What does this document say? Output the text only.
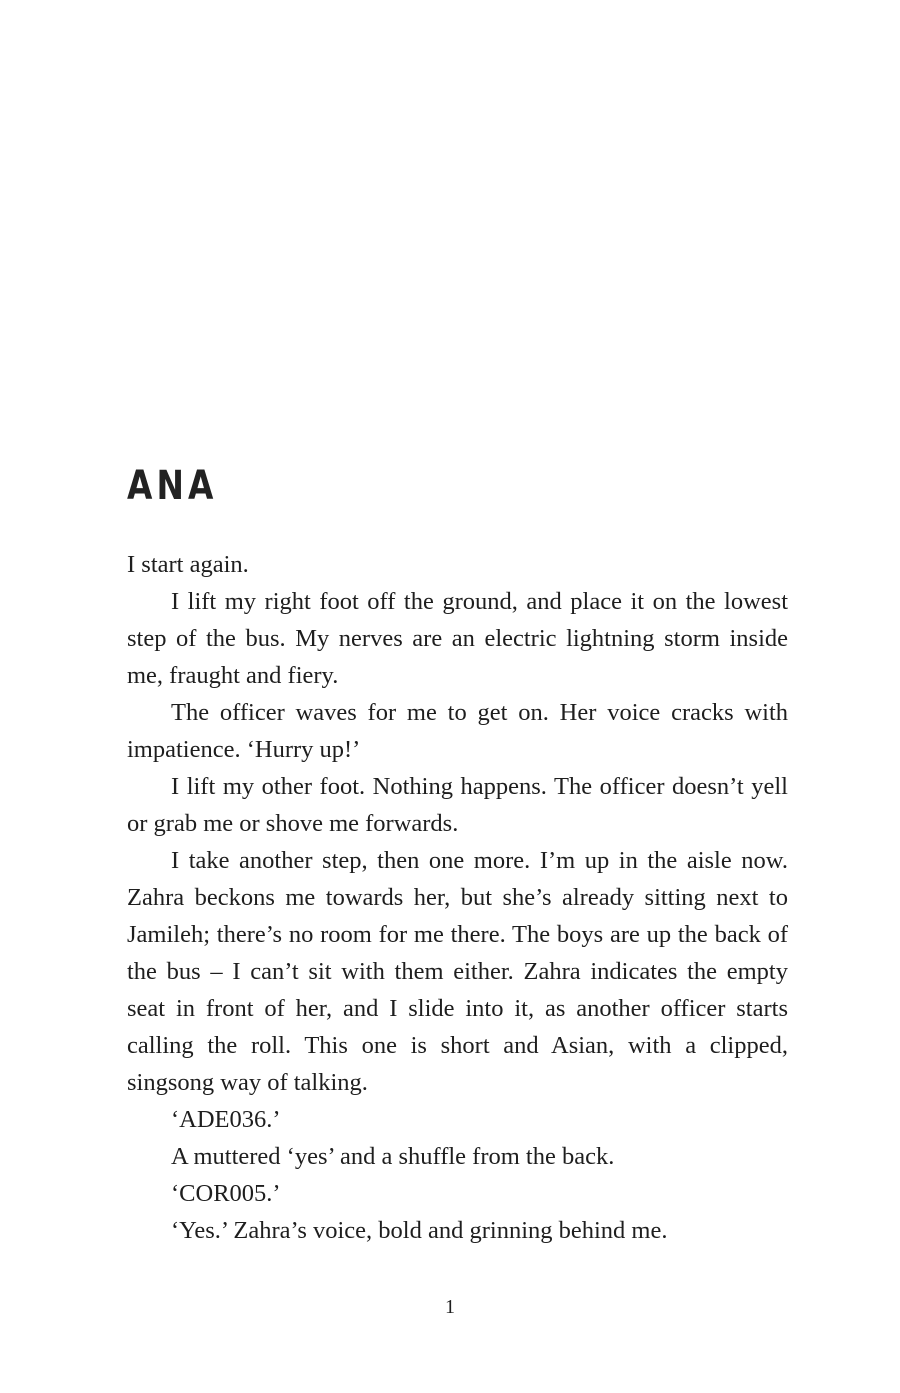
ANA

I start again.

I lift my right foot off the ground, and place it on the lowest step of the bus. My nerves are an electric lightning storm inside me, fraught and fiery.

The officer waves for me to get on. Her voice cracks with impatience. ‘Hurry up!’

I lift my other foot. Nothing happens. The officer doesn’t yell or grab me or shove me forwards.

I take another step, then one more. I’m up in the aisle now. Zahra beckons me towards her, but she’s already sitting next to Jamileh; there’s no room for me there. The boys are up the back of the bus – I can’t sit with them either. Zahra indicates the empty seat in front of her, and I slide into it, as another officer starts calling the roll. This one is short and Asian, with a clipped, singsong way of talking.

‘ADE036.’

A muttered ‘yes’ and a shuffle from the back.

‘COR005.’

‘Yes.’ Zahra’s voice, bold and grinning behind me.

1
